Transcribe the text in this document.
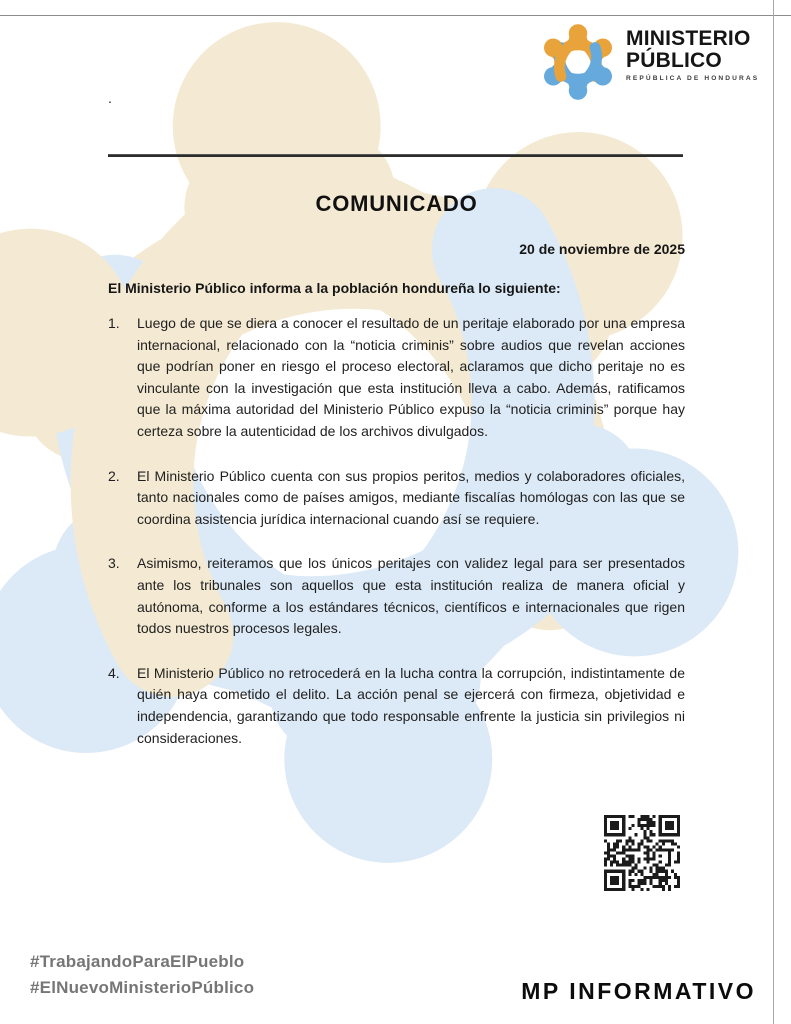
MINISTERIO
PÚBLICO
REPÚBLICA DE HONDURAS
.
COMUNICADO
20 de noviembre de 2025
El Ministerio Público informa a la población hondureña lo siguiente:
1. Luego de que se diera a conocer el resultado de un peritaje elaborado por una empresa internacional, relacionado con la “noticia criminis” sobre audios que revelan acciones que podrían poner en riesgo el proceso electoral, aclaramos que dicho peritaje no es vinculante con la investigación que esta institución lleva a cabo. Además, ratificamos que la máxima autoridad del Ministerio Público expuso la “noticia criminis” porque hay certeza sobre la autenticidad de los archivos divulgados.

2. El Ministerio Público cuenta con sus propios peritos, medios y colaboradores oficiales, tanto nacionales como de países amigos, mediante fiscalías homólogas con las que se coordina asistencia jurídica internacional cuando así se requiere.

3. Asimismo, reiteramos que los únicos peritajes con validez legal para ser presentados ante los tribunales son aquellos que esta institución realiza de manera oficial y autónoma, conforme a los estándares técnicos, científicos e internacionales que rigen todos nuestros procesos legales.

4. El Ministerio Público no retrocederá en la lucha contra la corrupción, indistintamente de quién haya cometido el delito. La acción penal se ejercerá con firmeza, objetividad e independencia, garantizando que todo responsable enfrente la justicia sin privilegios ni consideraciones.

#TrabajandoParaElPueblo
#ElNuevoMinisterioPúblico	MP INFORMATIVO
